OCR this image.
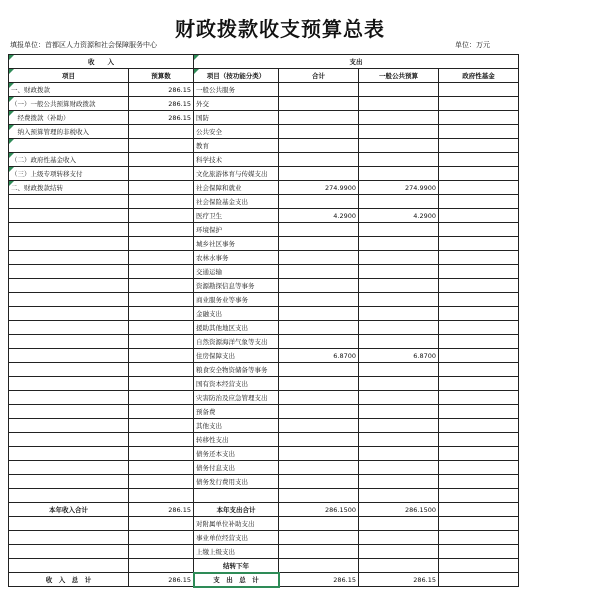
财政拨款收支预算总表
填报单位：首都区人力资源和社会保障服务中心	单位：万元
收　　入		支出			
项目	预算数	项目（按功能分类）	合计	一般公共预算	政府性基金
一、财政拨款	286.15	一般公共服务			
（一）一般公共预算财政拨款	286.15	外交			
　经费拨款（补助）	286.15	国防			
　纳入预算管理的非税收入		公共安全			
		教育			
（二）政府性基金收入		科学技术			
（三）上级专项转移支付		文化旅游体育与传媒支出			
二、财政拨款结转		社会保障和就业	274.9900	274.9900	
		社会保险基金支出			
		医疗卫生	4.2900	4.2900	
		环境保护			
		城乡社区事务			
		农林水事务			
		交通运输			
		资源勘探信息等事务			
		商业服务业等事务			
		金融支出			
		援助其他地区支出			
		自然资源海洋气象等支出			
		住房保障支出	6.8700	6.8700	
		粮食安全物资储备等事务			
		国有资本经营支出			
		灾害防治及应急管理支出			
		预备费			
		其他支出			
		转移性支出			
		债务还本支出			
		债务付息支出			
		债务发行费用支出			

本年收入合计	286.15	本年支出合计	286.1500	286.1500	
		对附属单位补助支出			
		事业单位经营支出			
		上缴上级支出			
		结转下年			
收　入　总　计	286.15	支　出　总　计	286.15	286.15	
